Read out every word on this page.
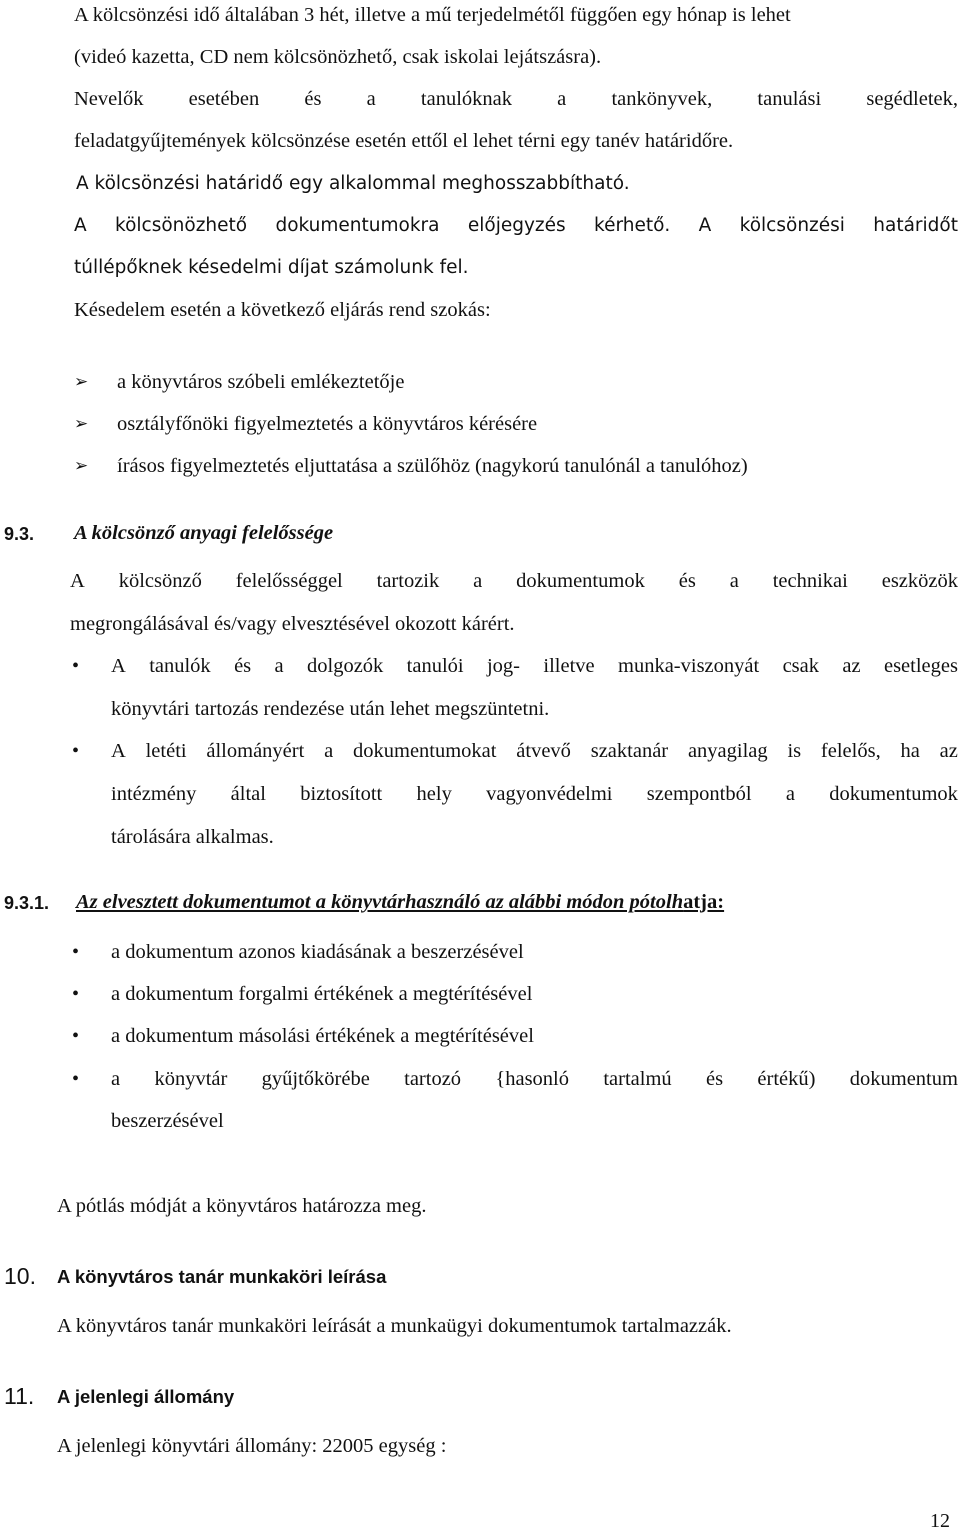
A kölcsönzési idő általában 3 hét, illetve a mű terjedelmétől függően egy hónap is lehet
(videó kazetta, CD nem kölcsönözhető, csak iskolai lejátszásra).
Nevelők esetében és a tanulóknak a tankönyvek, tanulási segédletek,
feladatgyűjtemények kölcsönzése esetén ettől el lehet térni egy tanév határidőre.
A kölcsönzési határidő egy alkalommal meghosszabbítható.
A kölcsönözhető dokumentumokra előjegyzés kérhető. A kölcsönzési határidőt
túllépőknek késedelmi díjat számolunk fel.
Késedelem esetén a következő eljárás rend szokás:
➢ a könyvtáros szóbeli emlékeztetője
➢ osztályfőnöki figyelmeztetés a könyvtáros kérésére
➢ írásos figyelmeztetés eljuttatása a szülőhöz (nagykorú tanulónál a tanulóhoz)
9.3. A kölcsönző anyagi felelőssége
A kölcsönző felelősséggel tartozik a dokumentumok és a technikai eszközök
megrongálásával és/vagy elvesztésével okozott kárért.
• A tanulók és a dolgozók tanulói jog- illetve munka-viszonyát csak az esetleges
könyvtári tartozás rendezése után lehet megszüntetni.
• A letéti állományért a dokumentumokat átvevő szaktanár anyagilag is felelős, ha az
intézmény által biztosított hely vagyonvédelmi szempontból a dokumentumok
tárolására alkalmas.
9.3.1. Az elvesztett dokumentumot a könyvtárhasználó az alábbi módon pótolhatja:
• a dokumentum azonos kiadásának a beszerzésével
• a dokumentum forgalmi értékének a megtérítésével
• a dokumentum másolási értékének a megtérítésével
• a könyvtár gyűjtőkörébe tartozó {hasonló tartalmú és értékű) dokumentum
beszerzésével
A pótlás módját a könyvtáros határozza meg.
10. A könyvtáros tanár munkaköri leírása
A könyvtáros tanár munkaköri leírását a munkaügyi dokumentumok tartalmazzák.
11. A jelenlegi állomány
A jelenlegi könyvtári állomány: 22005 egység :
12
